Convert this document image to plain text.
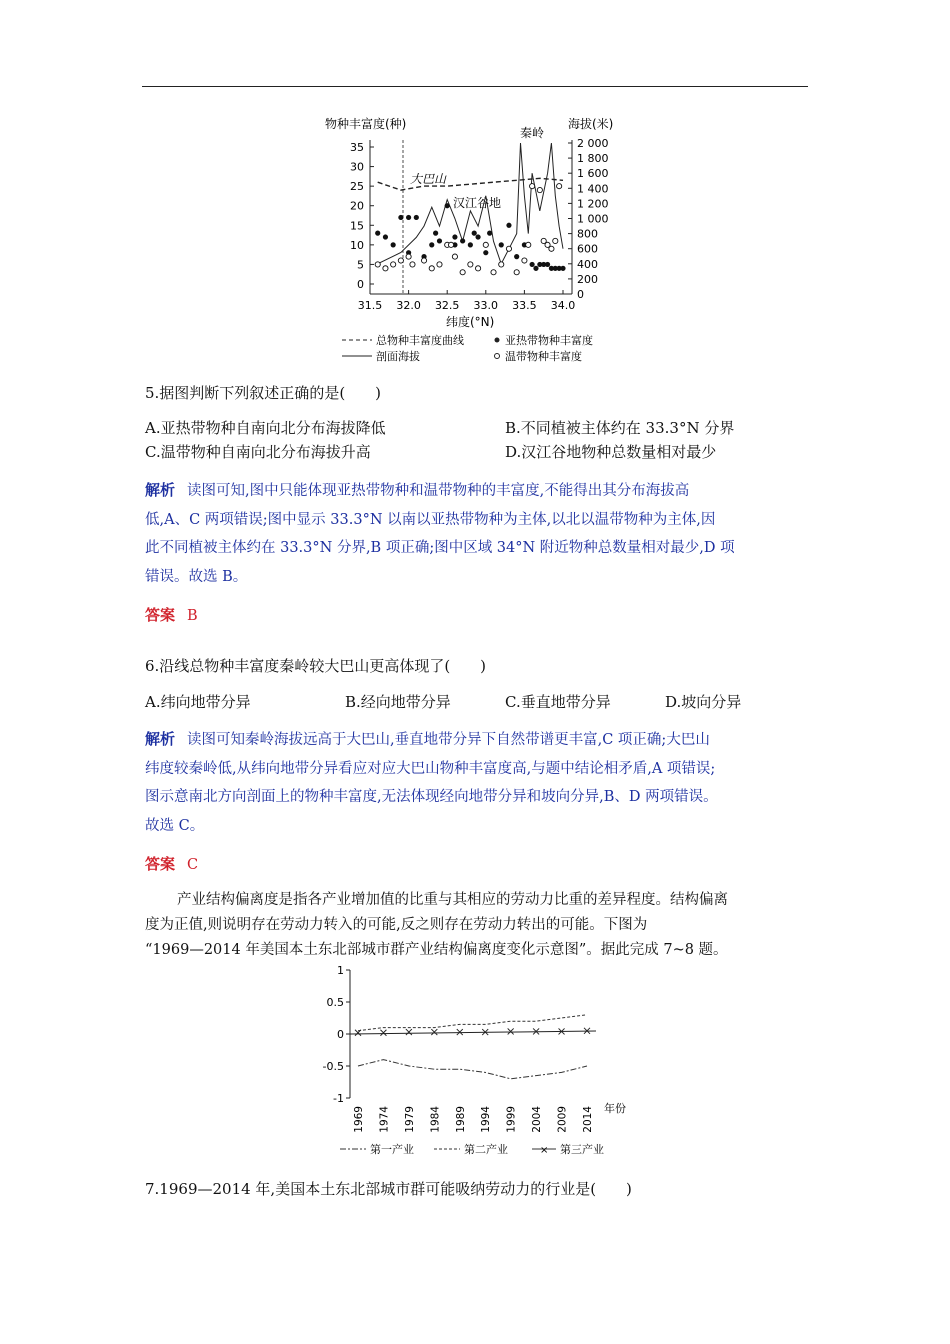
物种丰富度(种)	海拔(米)
秦岭
大巴山
汉江谷地
35
30
25
20
15
10
5
0
2 000
1 800
1 600
1 400
1 200
1 000
800
600
400
200
0
31.5 32.0 32.5 33.0 33.5 34.0
纬度(°N)
总物种丰富度曲线	亚热带物种丰富度
剖面海拔	温带物种丰富度
5.据图判断下列叙述正确的是(　　)
A.亚热带物种自南向北分布海拔降低	B.不同植被主体约在 33.3°N 分界
C.温带物种自南向北分布海拔升高	D.汉江谷地物种总数量相对最少
解析 读图可知,图中只能体现亚热带物种和温带物种的丰富度,不能得出其分布海拔高
低,A、C 两项错误;图中显示 33.3°N 以南以亚热带物种为主体,以北以温带物种为主体,因
此不同植被主体约在 33.3°N 分界,B 项正确;图中区域 34°N 附近物种总数量相对最少,D 项
错误。故选 B。
答案 B
6.沿线总物种丰富度秦岭较大巴山更高体现了(　　)
A.纬向地带分异	B.经向地带分异	C.垂直地带分异	D.坡向分异
解析 读图可知秦岭海拔远高于大巴山,垂直地带分异下自然带谱更丰富,C 项正确;大巴山
纬度较秦岭低,从纬向地带分异看应对应大巴山物种丰富度高,与题中结论相矛盾,A 项错误;
图示意南北方向剖面上的物种丰富度,无法体现经向地带分异和坡向分异,B、D 两项错误。
故选 C。
答案 C
产业结构偏离度是指各产业增加值的比重与其相应的劳动力比重的差异程度。结构偏离
度为正值,则说明存在劳动力转入的可能,反之则存在劳动力转出的可能。下图为
“1969—2014 年美国本土东北部城市群产业结构偏离度变化示意图”。据此完成 7~8 题。
1
0.5
0
-0.5
-1
1969 1974 1979 1984 1989 1994 1999 2004 2009 2014 年份
第一产业	第二产业	× 第三产业
7.1969—2014 年,美国本土东北部城市群可能吸纳劳动力的行业是(　　)
